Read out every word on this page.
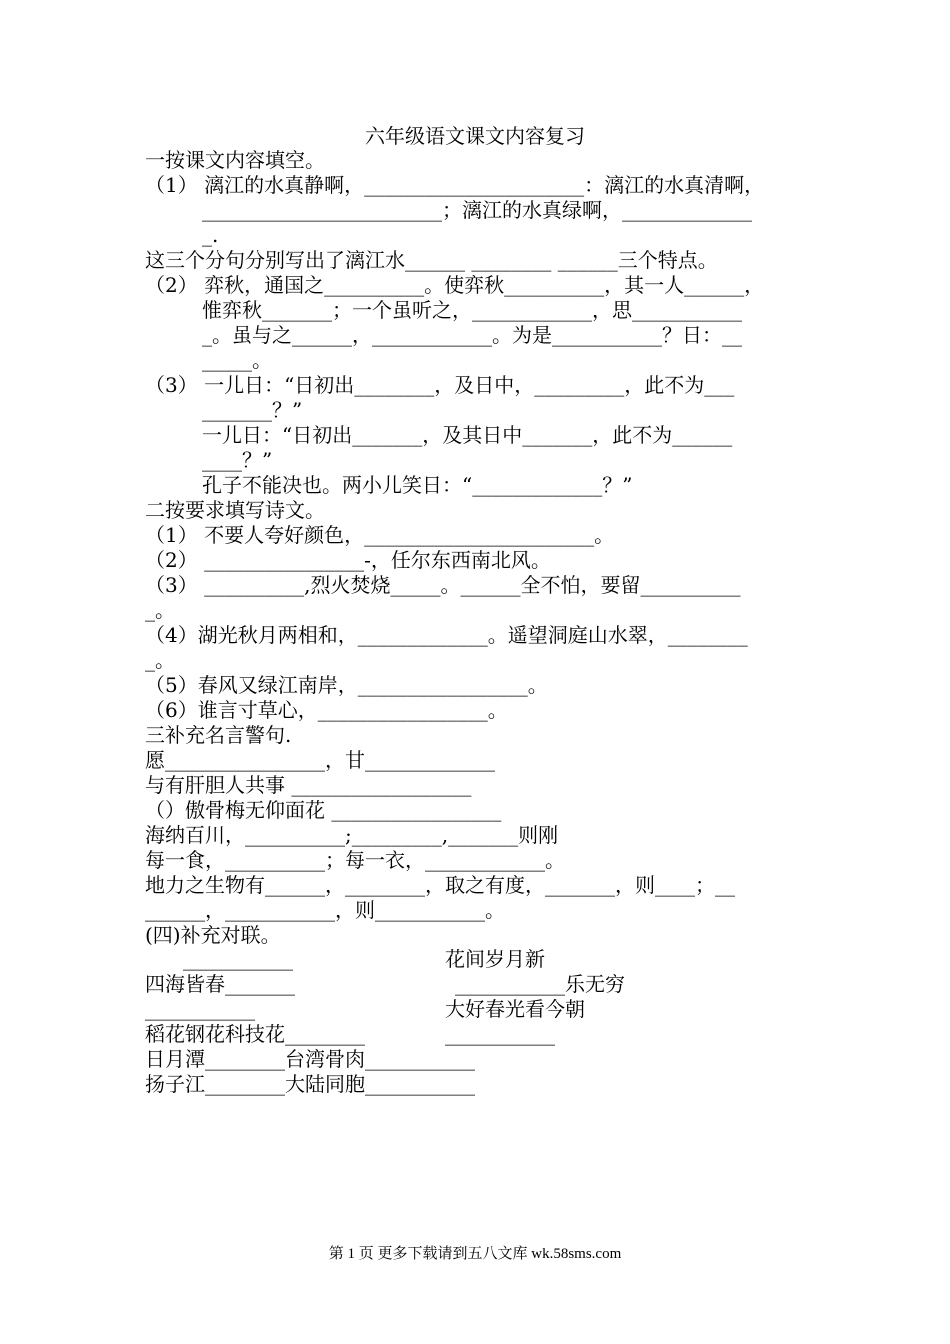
六年级语文课文内容复习
一按课文内容填空。
（1） 漓江的水真静啊，______________________：漓江的水真清啊，
________________________；漓江的水真绿啊，_____________
_.
这三个分句分别写出了漓江水______ ________ ______三个特点。
（2） 弈秋，通国之__________。使弈秋__________，其一人______，
惟弈秋_______；一个虽听之，____________，思___________
_。虽与之______，____________。为是___________？日：__
_____。
（3） 一儿日：“日初出________，及日中，_________，此不为___
_______？”
一儿日：“日初出_______，及其日中_______，此不为______
____？”
孔子不能决也。两小儿笑日：“_____________？”
二按要求填写诗文。
（1） 不要人夸好颜色，_______________________。
（2） ________________-，任尔东西南北风。
（3） __________,烈火焚烧_____。______全不怕，要留__________
_。
（4）湖光秋月两相和，_____________。遥望洞庭山水翠，________
_。
（5）春风又绿江南岸，_________________。
（6）谁言寸草心，_________________。
三补充名言警句.
愿________________，甘_____________
与有肝胆人共事 __________________
（）傲骨梅无仰面花 _________________
海纳百川，__________;_________,_______则刚
每一食，__________；每一衣，____________。
地力之生物有______，________，取之有度，_______，则____；__
______，___________，则___________。
(四)补充对联。
___________	花间岁月新
四海皆春_______	___________乐无穷
___________	大好春光看今朝
稻花钢花科技花________	___________
日月潭________台湾骨肉___________
扬子江________大陆同胞___________
第 1 页 更多下载请到五八文库 wk.58sms.com
